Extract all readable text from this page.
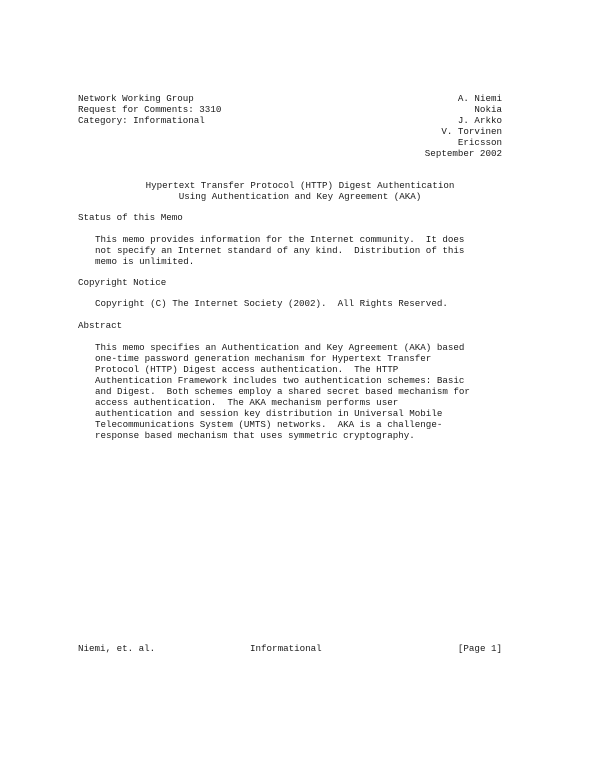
Network Working Group
Request for Comments: 3310
Category: Informational
A. Niemi
Nokia
J. Arkko
V. Torvinen
Ericsson
September 2002
Hypertext Transfer Protocol (HTTP) Digest Authentication
Using Authentication and Key Agreement (AKA)
Status of this Memo
This memo provides information for the Internet community.  It does
not specify an Internet standard of any kind.  Distribution of this
memo is unlimited.
Copyright Notice
Copyright (C) The Internet Society (2002).  All Rights Reserved.
Abstract
This memo specifies an Authentication and Key Agreement (AKA) based
one-time password generation mechanism for Hypertext Transfer
Protocol (HTTP) Digest access authentication.  The HTTP
Authentication Framework includes two authentication schemes: Basic
and Digest.  Both schemes employ a shared secret based mechanism for
access authentication.  The AKA mechanism performs user
authentication and session key distribution in Universal Mobile
Telecommunications System (UMTS) networks.  AKA is a challenge-
response based mechanism that uses symmetric cryptography.
Niemi, et. al.	Informational	[Page 1]
